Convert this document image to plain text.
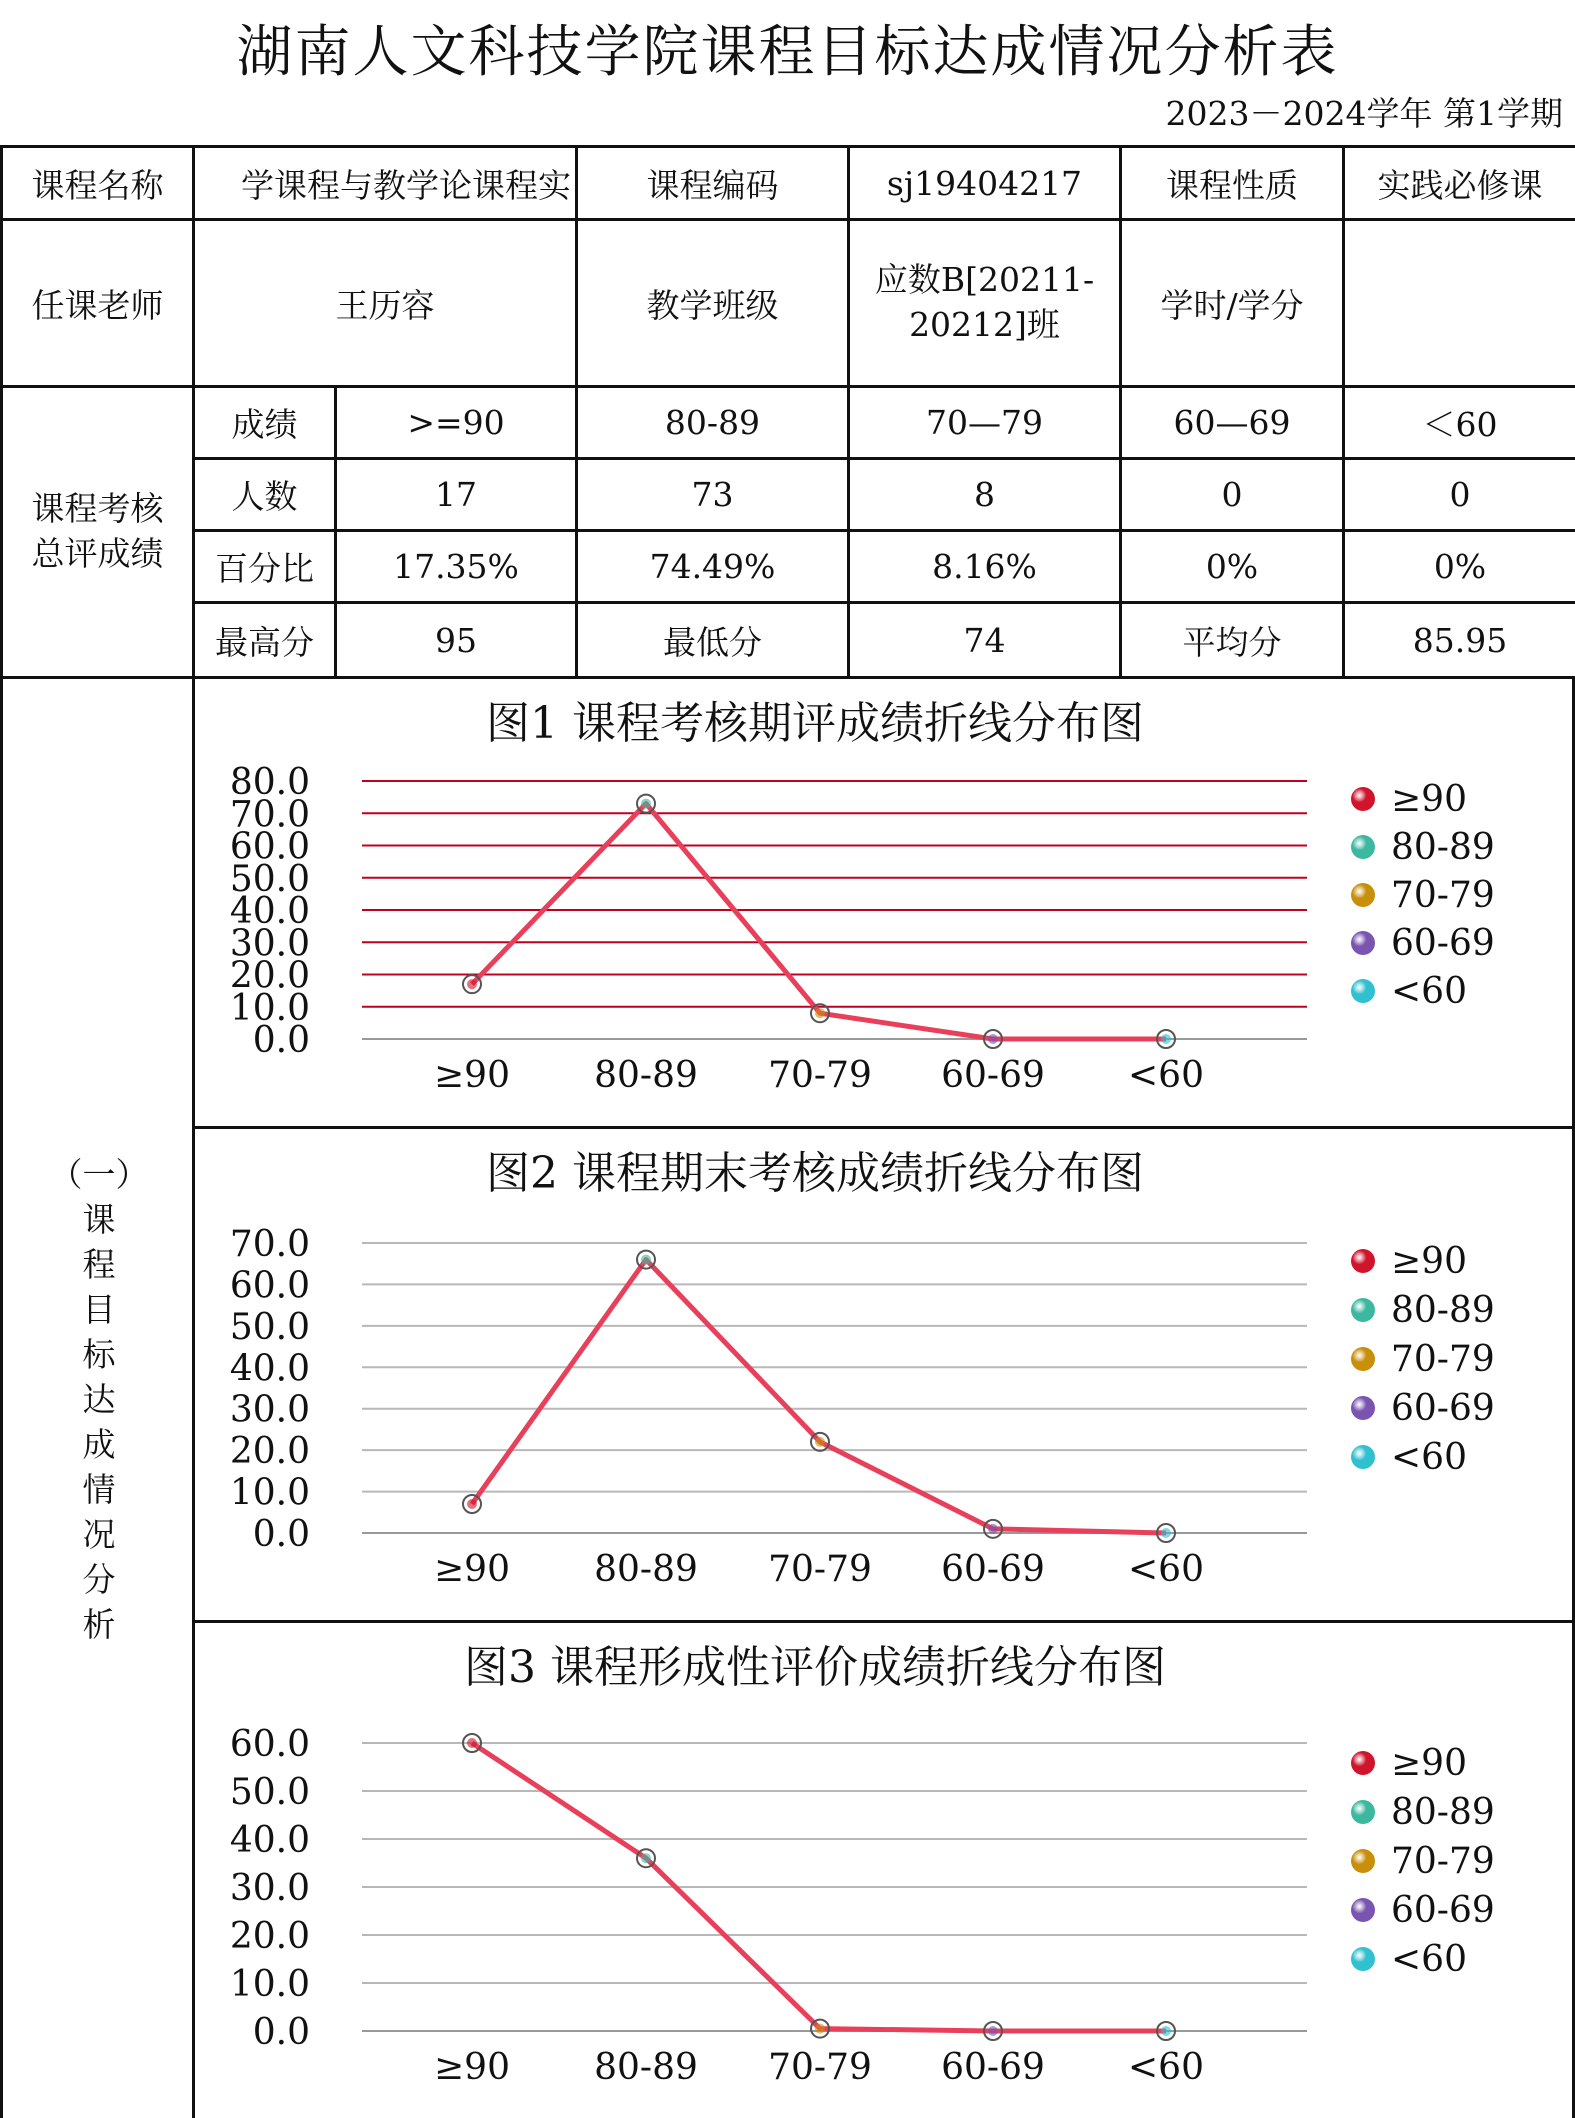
湖南人文科技学院课程目标达成情况分析表
2023－2024学年 第1学期
课程名称	学课程与教学论课程实		课程编码	sj19404217	课程性质	实践必修课
任课老师	王历容		教学班级	应数B[20211-20212]班	学时/学分	
课程考核总评成绩	成绩	>=90	80-89	70—79	60—69	＜60
	人数	17	73	8	0	0
	百分比	17.35%	74.49%	8.16%	0%	0%
	最高分	95	最低分	74	平均分	85.95
（一）
课
程
目
标
达
成
情
况
分
析
图1 课程考核期评成绩折线分布图
0.0
10.0
20.0
30.0
40.0
50.0
60.0
70.0
80.0
≥90 80-89 70-79 60-69 <60
≥90
80-89
70-79
60-69
<60
图2 课程期末考核成绩折线分布图
0.0
10.0
20.0
30.0
40.0
50.0
60.0
70.0
≥90 80-89 70-79 60-69 <60
≥90
80-89
70-79
60-69
<60
图3 课程形成性评价成绩折线分布图
0.0
10.0
20.0
30.0
40.0
50.0
60.0
≥90 80-89 70-79 60-69 <60
≥90
80-89
70-79
60-69
<60
